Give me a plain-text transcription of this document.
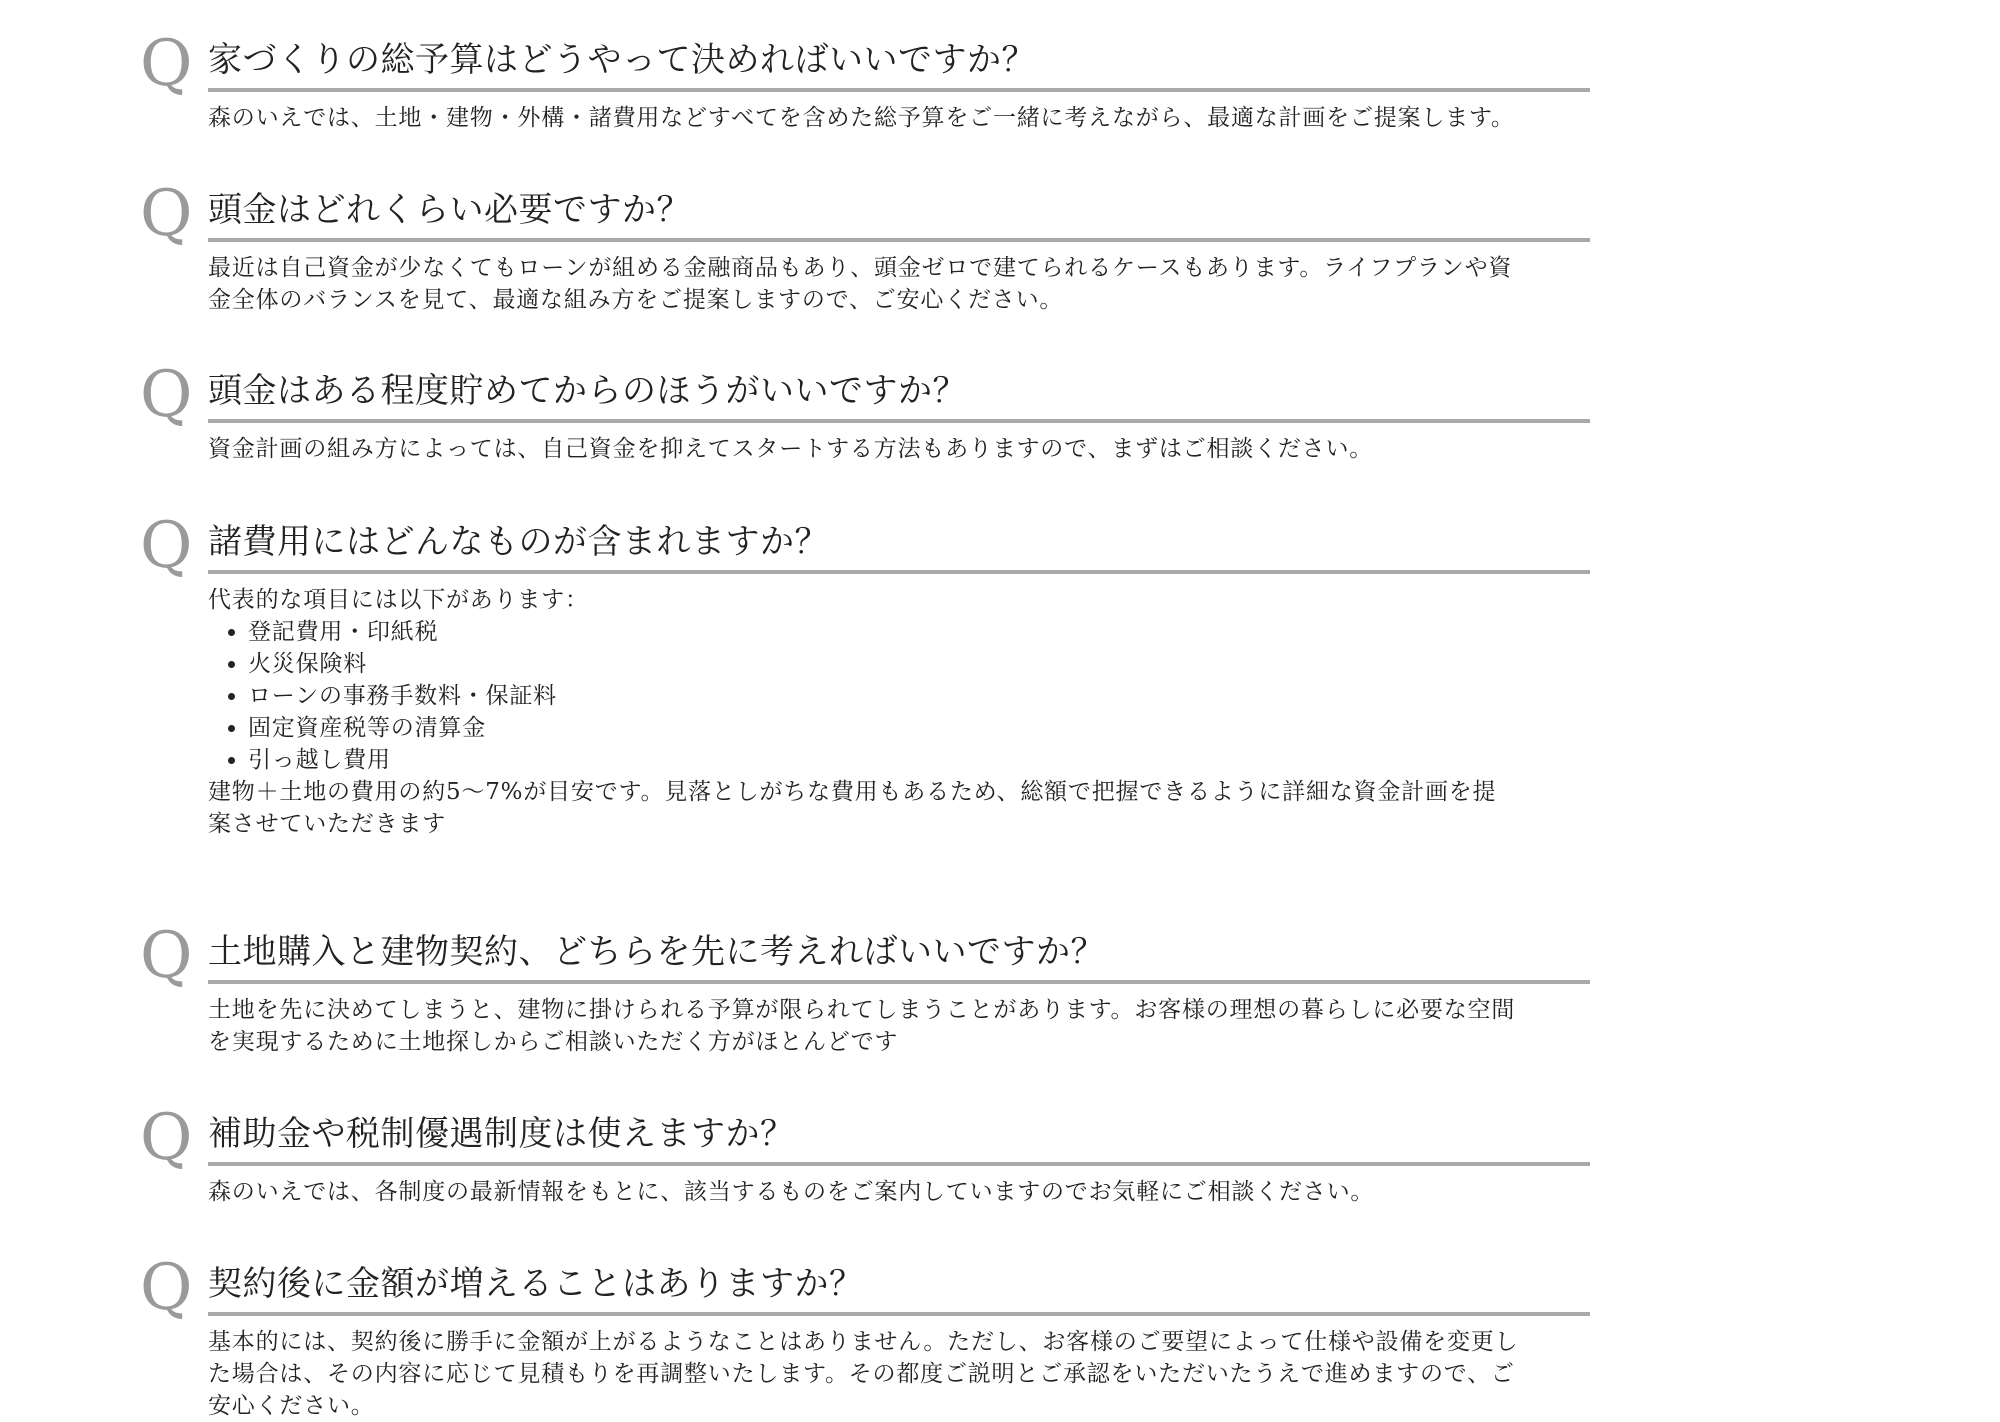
Q 家づくりの総予算はどうやって決めればいいですか？

森のいえでは、土地・建物・外構・諸費用などすべてを含めた総予算をご一緒に考えながら、最適な計画をご提案します。

Q 頭金はどれくらい必要ですか？

最近は自己資金が少なくてもローンが組める金融商品もあり、頭金ゼロで建てられるケースもあります。ライフプランや資

金全体のバランスを見て、最適な組み方をご提案しますので、ご安心ください。

Q 頭金はある程度貯めてからのほうがいいですか？

資金計画の組み方によっては、自己資金を抑えてスタートする方法もありますので、まずはご相談ください。

Q 諸費用にはどんなものが含まれますか？

代表的な項目には以下があります：

• 登記費用・印紙税
• 火災保険料
• ローンの事務手数料・保証料
• 固定資産税等の清算金
• 引っ越し費用

建物＋土地の費用の約5〜7%が目安です。見落としがちな費用もあるため、総額で把握できるように詳細な資金計画を提

案させていただきます

Q 土地購入と建物契約、どちらを先に考えればいいですか？

土地を先に決めてしまうと、建物に掛けられる予算が限られてしまうことがあります。お客様の理想の暮らしに必要な空間

を実現するために土地探しからご相談いただく方がほとんどです

Q 補助金や税制優遇制度は使えますか？

森のいえでは、各制度の最新情報をもとに、該当するものをご案内していますのでお気軽にご相談ください。

Q 契約後に金額が増えることはありますか？

基本的には、契約後に勝手に金額が上がるようなことはありません。ただし、お客様のご要望によって仕様や設備を変更し

た場合は、その内容に応じて見積もりを再調整いたします。その都度ご説明とご承認をいただいたうえで進めますので、ご

安心ください。
